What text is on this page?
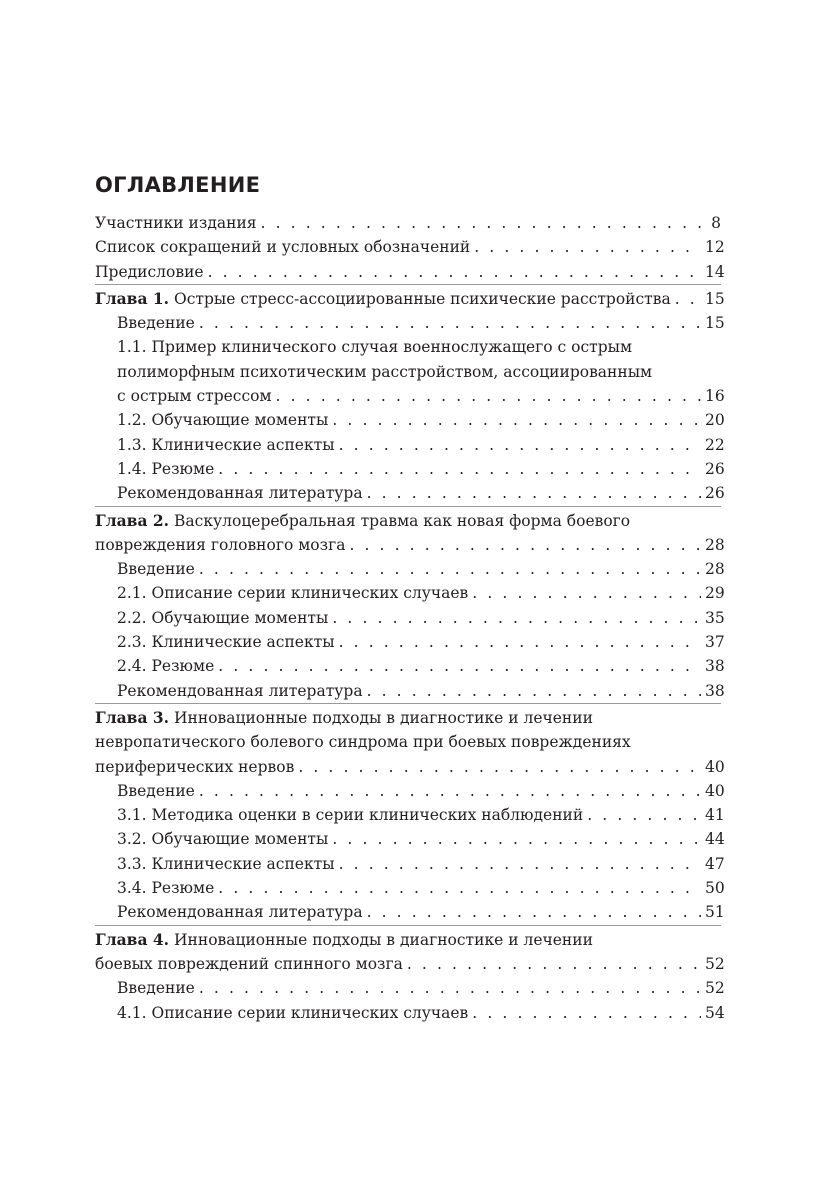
ОГЛАВЛЕНИЕ
Участники издания . . .	8
Список сокращений и условных обозначений . . .	12
Предисловие . . .	14
Глава 1. Острые стресс-ассоциированные психические расстройства . . . 15
Введение . . .	15
1.1. Пример клинического случая военнослужащего с острым
полиморфным психотическим расстройством, ассоциированным
с острым стрессом . . .	16
1.2. Обучающие моменты . . .	20
1.3. Клинические аспекты . . .	22
1.4. Резюме . . .	26
Рекомендованная литература . . .	26
Глава 2. Васкулоцеребральная травма как новая форма боевого
повреждения головного мозга . . .	28
Введение . . .	28
2.1. Описание серии клинических случаев . . .	29
2.2. Обучающие моменты . . .	35
2.3. Клинические аспекты . . .	37
2.4. Резюме . . .	38
Рекомендованная литература . . .	38
Глава 3. Инновационные подходы в диагностике и лечении
невропатического болевого синдрома при боевых повреждениях
периферических нервов . . .	40
Введение . . .	40
3.1. Методика оценки в серии клинических наблюдений . . .	41
3.2. Обучающие моменты . . .	44
3.3. Клинические аспекты . . .	47
3.4. Резюме . . .	50
Рекомендованная литература . . .	51
Глава 4. Инновационные подходы в диагностике и лечении
боевых повреждений спинного мозга . . .	52
Введение . . .	52
4.1. Описание серии клинических случаев . . .	54
